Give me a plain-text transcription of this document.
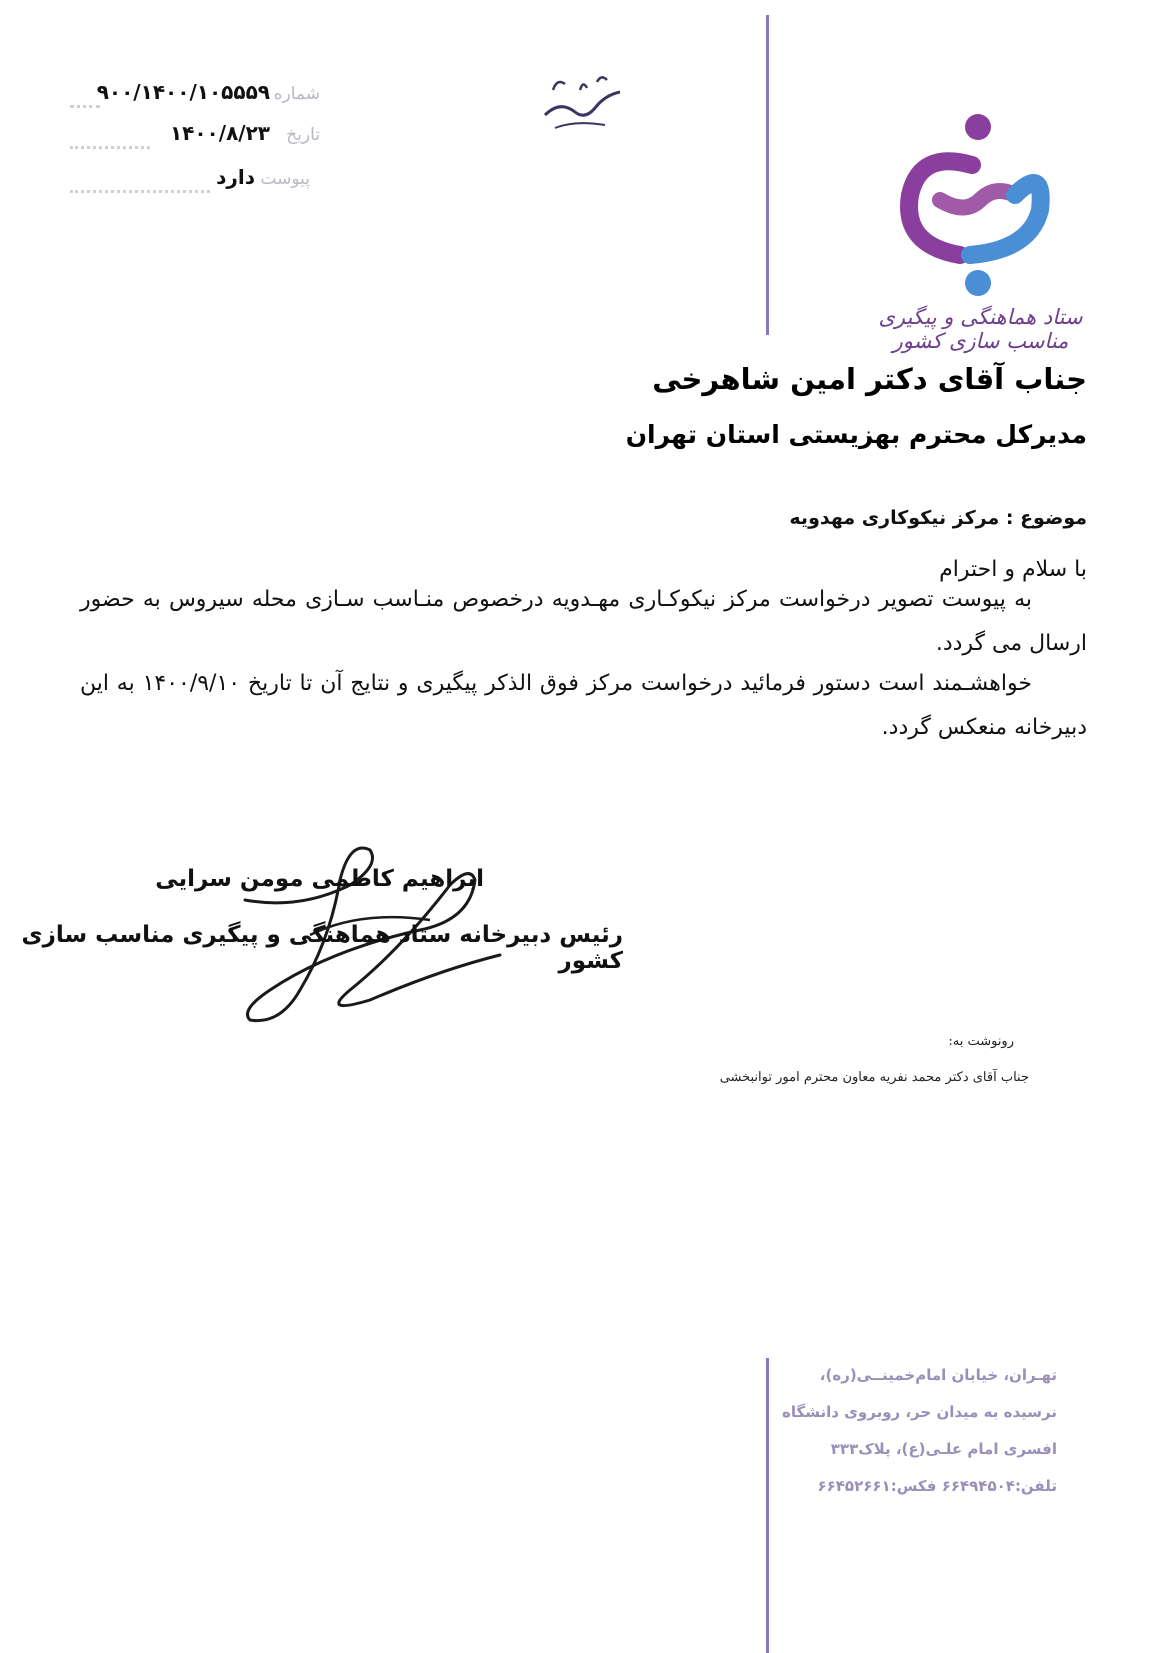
شماره
۹۰۰/۱۴۰۰/۱۰۵۵۵۹
تاریخ
۱۴۰۰/۸/۲۳
پیوست
دارد
ستاد هماهنگی و پیگیری مناسب سازی کشور
جناب آقای دکتر امین شاهرخی
مدیرکل محترم بهزیستی استان تهران
موضوع : مرکز نیکوکاری مهدویه
با سلام و احترام
به پیوست تصویر درخواست مرکز نیکوکـاری مهـدویه درخصوص منـاسب سـازی محله سیروس به حضور ارسال می گردد.
خواهشـمند است دستور فرمائید درخواست مرکز فوق الذکر پیگیری و نتایج آن تا تاریخ ۱۴۰۰/۹/۱۰ به این دبیرخانه منعکس گردد.
ابراهیم کاظمی مومن سرایی
رئیس دبیرخانه ستاد هماهنگی و پیگیری مناسب سازی کشور
رونوشت به:
جناب آقای دکتر محمد نفریه معاون محترم امور توانبخشی
تهـران، خیابان امام‌خمینــی(ره)،
نرسیده به میدان حر، روبروی دانشگاه
افسری امام علـی(ع)، پلاک۳۳۳
تلفن:۶۶۴۹۴۵۰۴ فکس:۶۶۴۵۲۶۶۱
